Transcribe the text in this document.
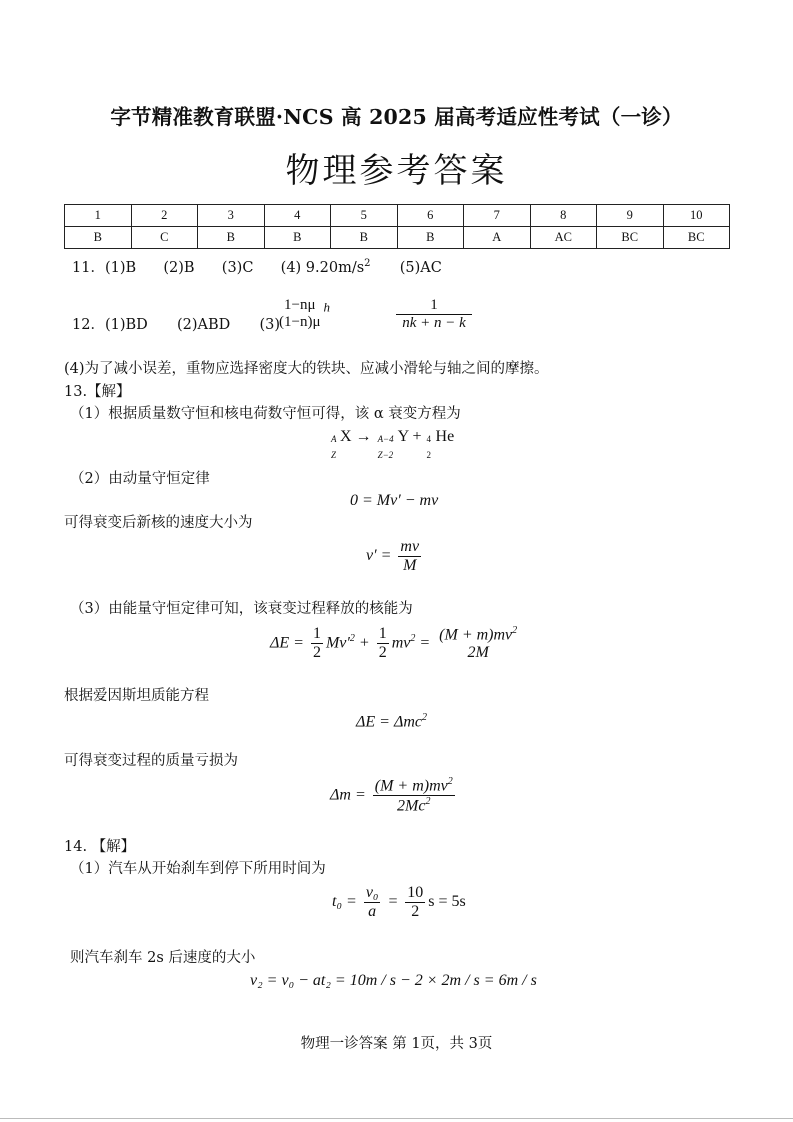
字节精准教育联盟·NCS 高 2025 届高考适应性考试（一诊）
物理参考答案
1	2	3	4	5	6	7	8	9	10
B	C	B	B	B	B	A	AC	BC	BC
11．(1)B (2)B (3)C (4) $9.20m/s^2$ (5)AC
12．(1)BD (2)ABD (3)
1−nμ
(1−n)μ
$^h$	$\frac{1}{nk + n - k}$
(4)为了减小误差，重物应选择密度大的铁块、应减小滑轮与轴之间的摩擦。
13.【解】
（1）根据质量数守恒和核电荷数守恒可得，该 α 衰变方程为
A
Z
X → A−4
Z−2
Y + 4
2
He
（2）由动量守恒定律
0 = Mv′ − mv
可得衰变后新核的速度大小为
$v' = \frac{mv}{M}$
（3）由能量守恒定律可知，该衰变过程释放的核能为
$\Delta E = \frac{1}{2} Mv'^2 + \frac{1}{2} mv^2 = (M + m)mv^2$
2M
根据爱因斯坦质能方程
ΔE = Δmc$^2$
可得衰变过程的质量亏损为
$\Delta m = \frac{(M + m)mv^2}{2Mc^2}$
14. 【解】
（1）汽车从开始刹车到停下所用时间为
$t_0 = \frac{\text{v₀}}{a} = \frac{10}{2}$ s = 5s
则汽车刹车 2s 后速度的大小
v₂ = v₀ − at₂ = 10m / s − 2 × 2m / s = 6m / s
物理一诊答案 第 1页，共 3页
